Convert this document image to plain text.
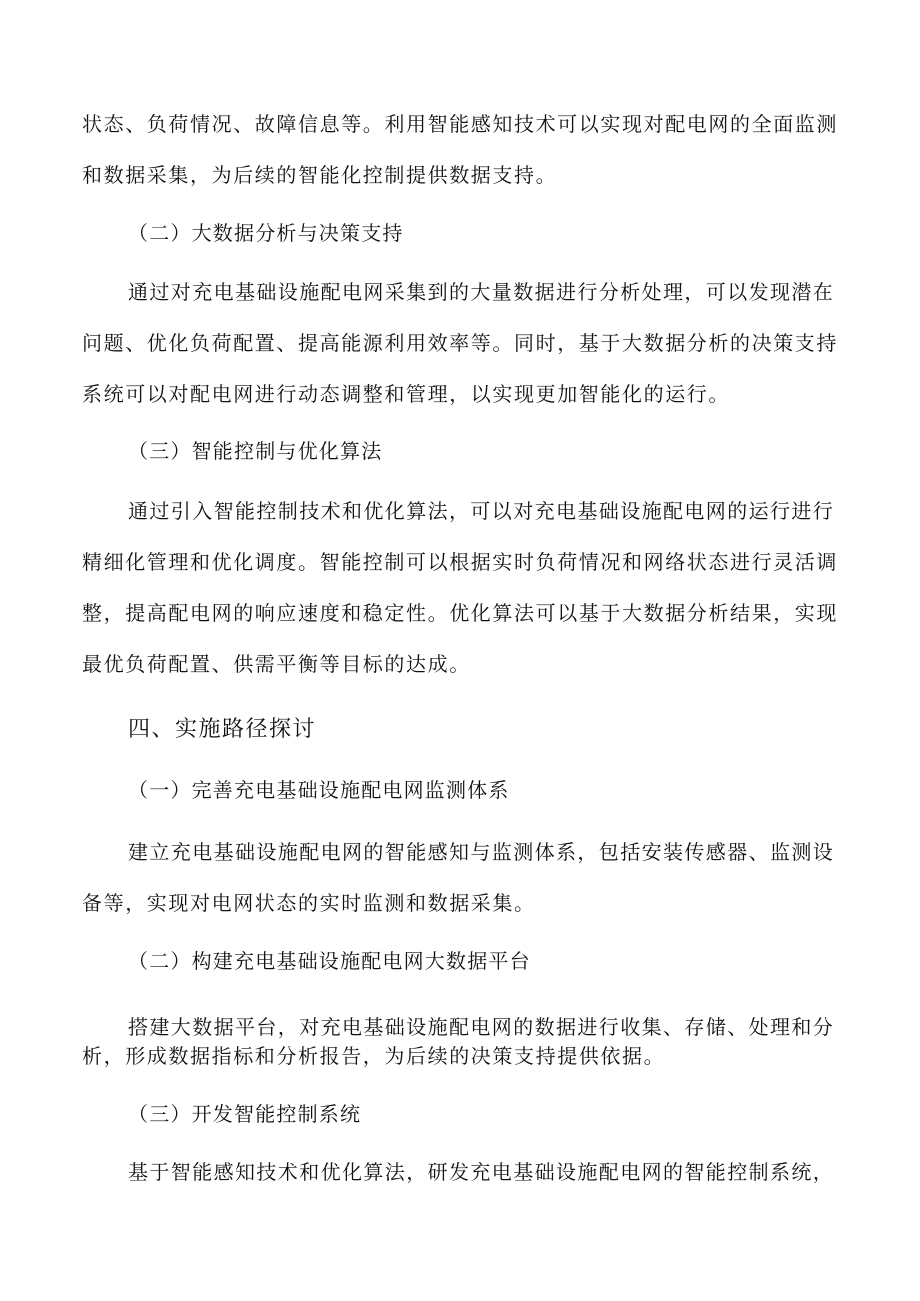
状态、负荷情况、故障信息等。利用智能感知技术可以实现对配电网的全面监测
和数据采集，为后续的智能化控制提供数据支持。
（二）大数据分析与决策支持
通过对充电基础设施配电网采集到的大量数据进行分析处理，可以发现潜在
问题、优化负荷配置、提高能源利用效率等。同时，基于大数据分析的决策支持
系统可以对配电网进行动态调整和管理，以实现更加智能化的运行。
（三）智能控制与优化算法
通过引入智能控制技术和优化算法，可以对充电基础设施配电网的运行进行
精细化管理和优化调度。智能控制可以根据实时负荷情况和网络状态进行灵活调
整，提高配电网的响应速度和稳定性。优化算法可以基于大数据分析结果，实现
最优负荷配置、供需平衡等目标的达成。
四、实施路径探讨
（一）完善充电基础设施配电网监测体系
建立充电基础设施配电网的智能感知与监测体系，包括安装传感器、监测设
备等，实现对电网状态的实时监测和数据采集。
（二）构建充电基础设施配电网大数据平台
搭建大数据平台，对充电基础设施配电网的数据进行收集、存储、处理和分
析，形成数据指标和分析报告，为后续的决策支持提供依据。
（三）开发智能控制系统
基于智能感知技术和优化算法，研发充电基础设施配电网的智能控制系统，
